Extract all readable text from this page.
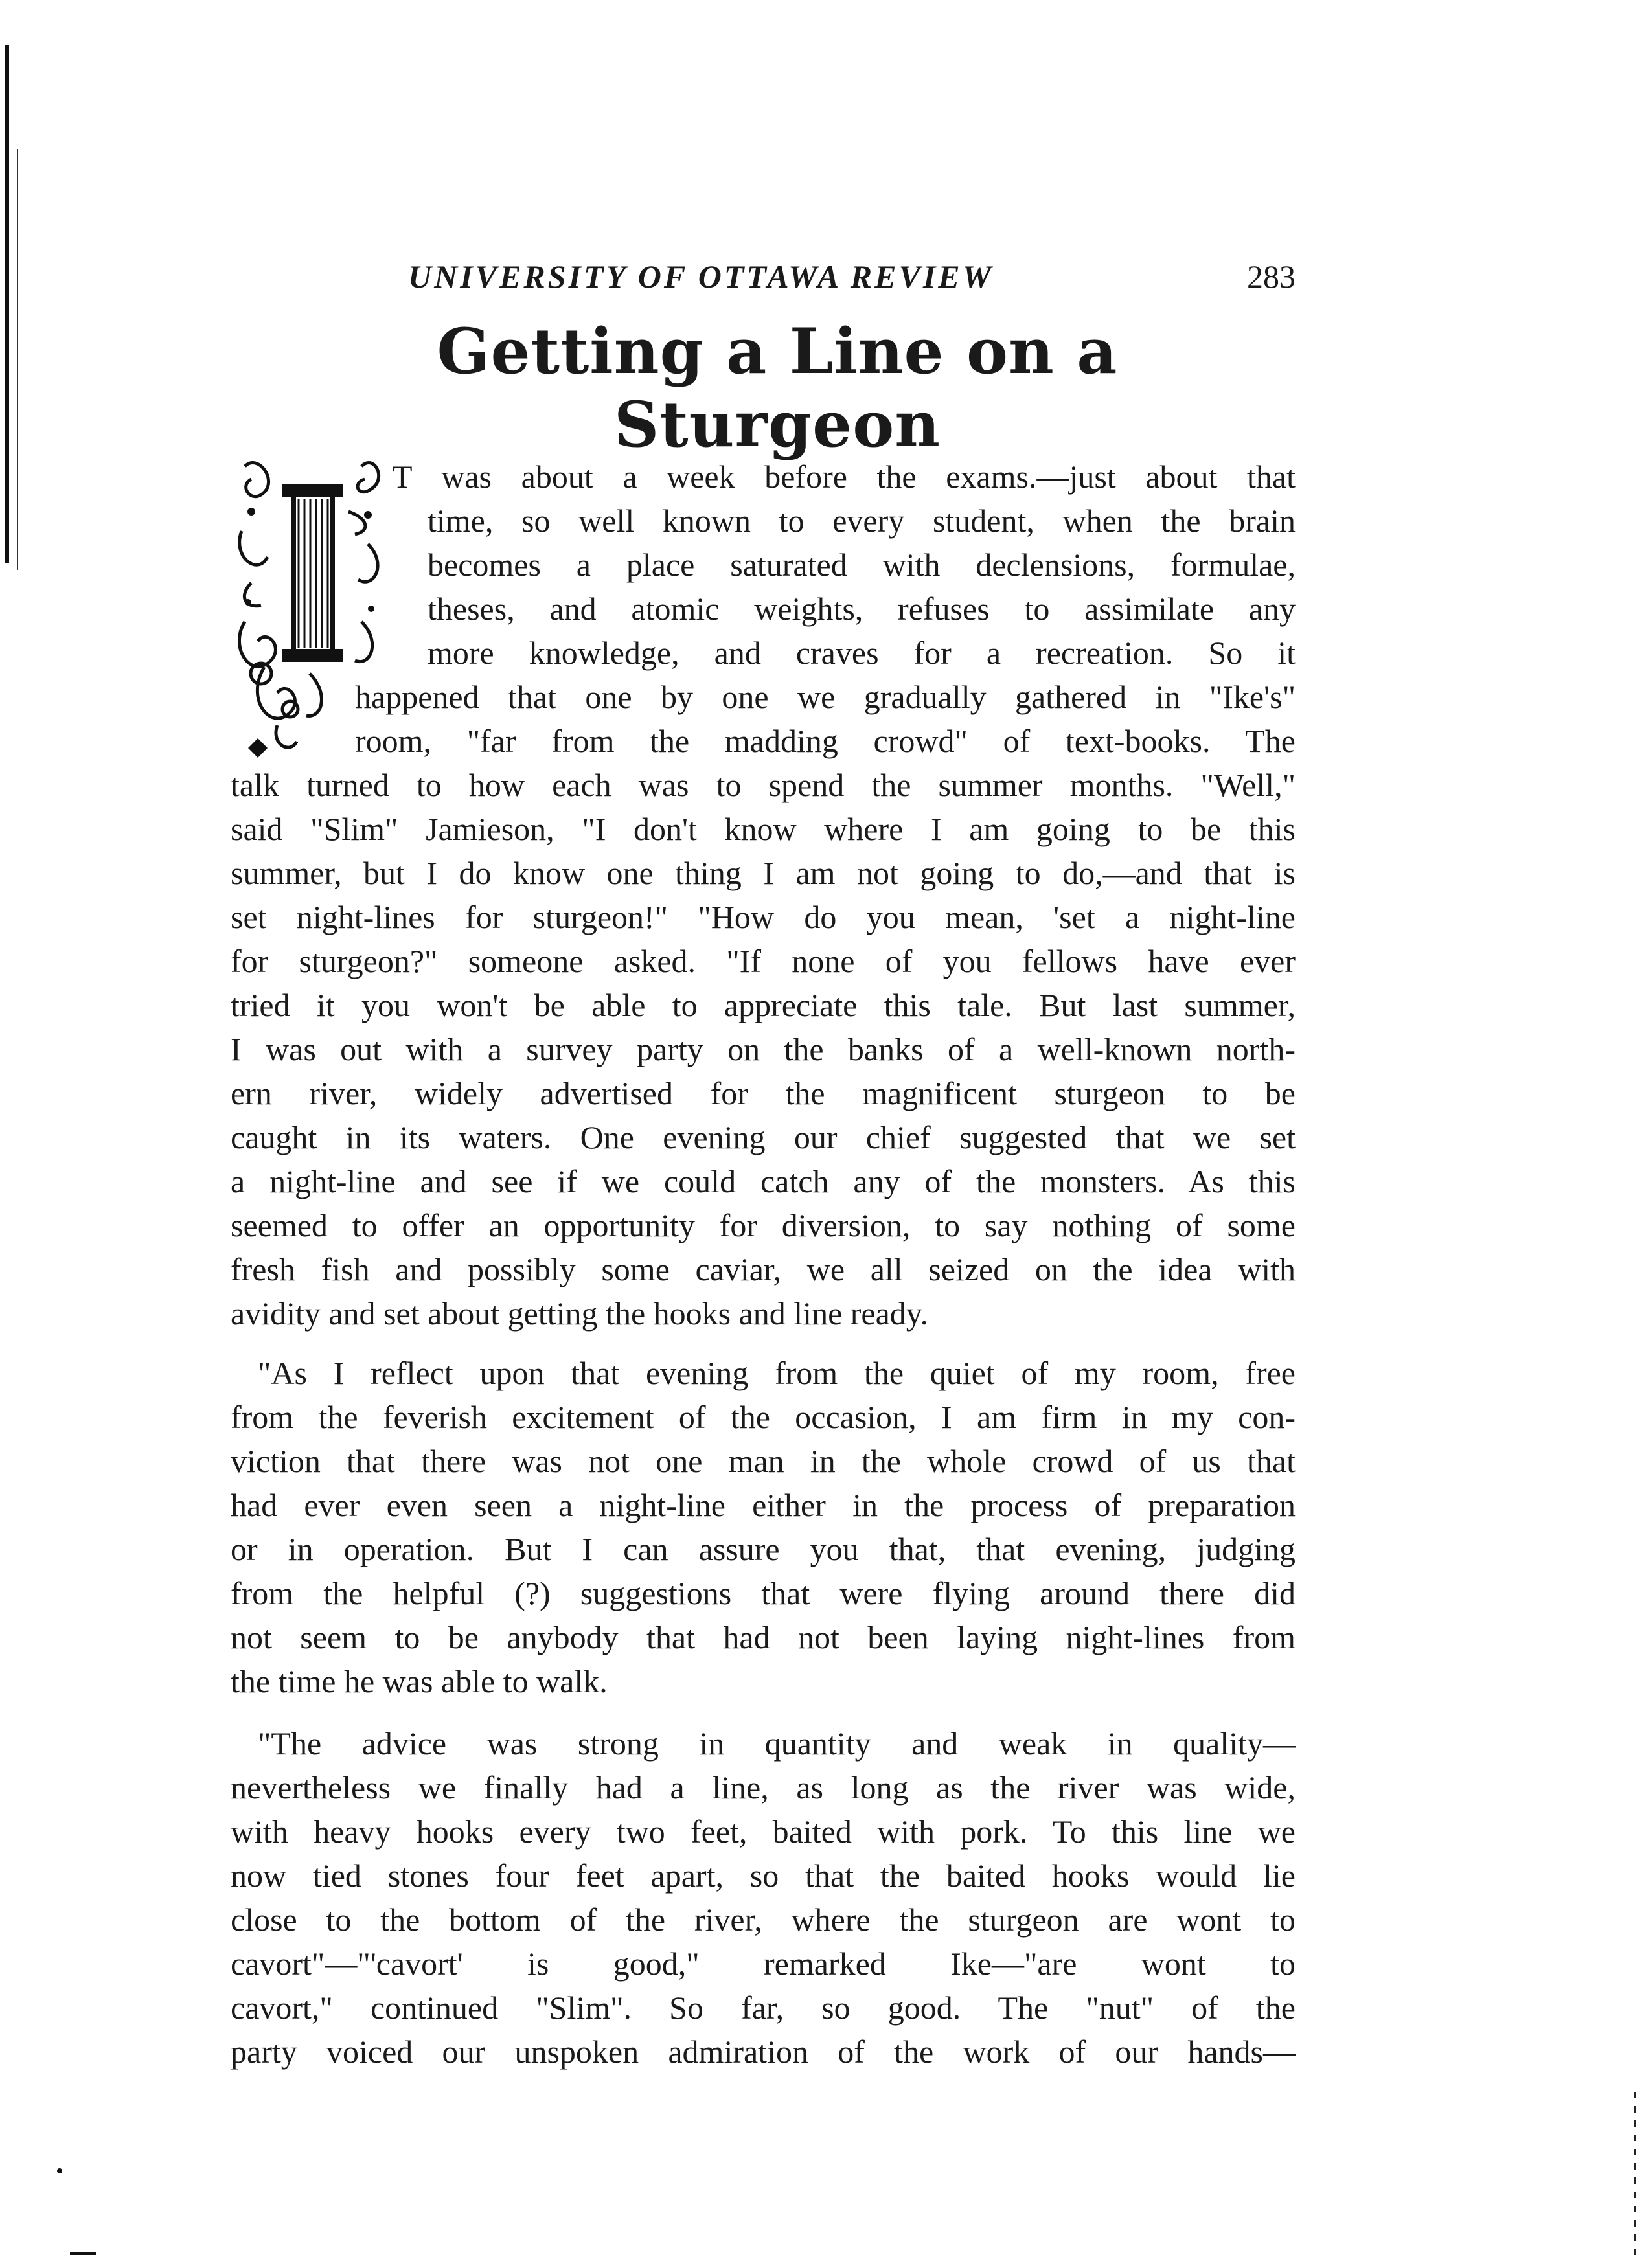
UNIVERSITY OF OTTAWA REVIEW	283
Getting a Line on a Sturgeon
T was about a week before the exams.—just about that
time, so well known to every student, when the brain
becomes a place saturated with declensions, formulae,
theses, and atomic weights, refuses to assimilate any
more knowledge, and craves for a recreation. So it
happened that one by one we gradually gathered in "Ike's"
room, "far from the madding crowd" of text-books. The
talk turned to how each was to spend the summer months. "Well,"
said "Slim" Jamieson, "I don't know where I am going to be this
summer, but I do know one thing I am not going to do,—and that is
set night-lines for sturgeon!" "How do you mean, 'set a night-line
for sturgeon?" someone asked. "If none of you fellows have ever
tried it you won't be able to appreciate this tale. But last summer,
I was out with a survey party on the banks of a well-known north-
ern river, widely advertised for the magnificent sturgeon to be
caught in its waters. One evening our chief suggested that we set
a night-line and see if we could catch any of the monsters. As this
seemed to offer an opportunity for diversion, to say nothing of some
fresh fish and possibly some caviar, we all seized on the idea with
avidity and set about getting the hooks and line ready.
"As I reflect upon that evening from the quiet of my room, free
from the feverish excitement of the occasion, I am firm in my con-
viction that there was not one man in the whole crowd of us that
had ever even seen a night-line either in the process of preparation
or in operation. But I can assure you that, that evening, judging
from the helpful (?) suggestions that were flying around there did
not seem to be anybody that had not been laying night-lines from
the time he was able to walk.
"The advice was strong in quantity and weak in quality—
nevertheless we finally had a line, as long as the river was wide,
with heavy hooks every two feet, baited with pork. To this line we
now tied stones four feet apart, so that the baited hooks would lie
close to the bottom of the river, where the sturgeon are wont to
cavort"—"'cavort' is good," remarked Ike—"are wont to
cavort," continued "Slim". So far, so good. The "nut" of the
party voiced our unspoken admiration of the work of our hands—
